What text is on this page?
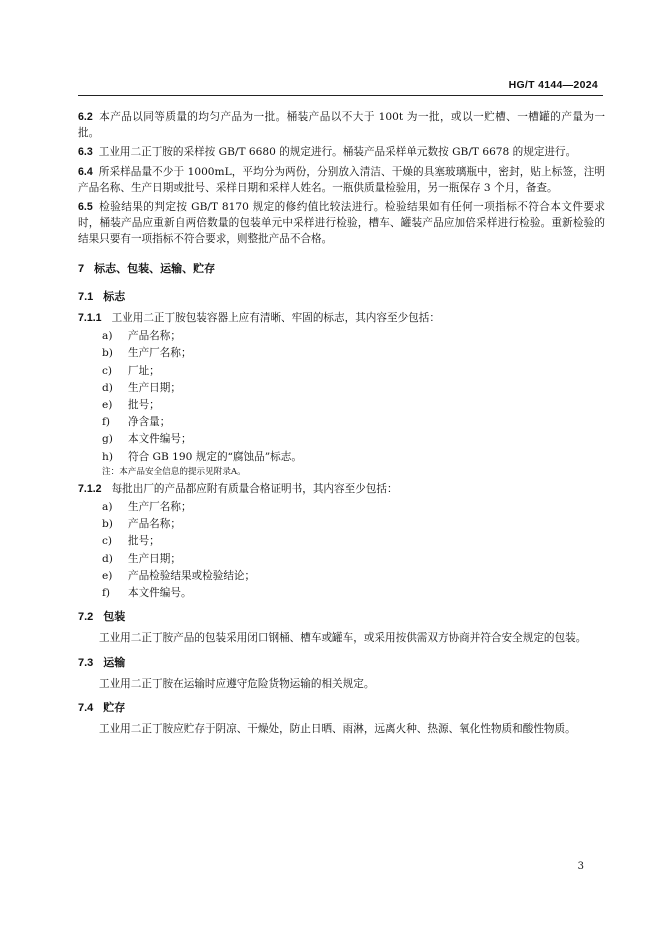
HG/T 4144—2024

6.2 本产品以同等质量的均匀产品为一批。桶装产品以不大于 100t 为一批，或以一贮槽、一槽罐的产量为一批。

6.3 工业用二正丁胺的采样按 GB/T 6680 的规定进行。桶装产品采样单元数按 GB/T 6678 的规定进行。

6.4 所采样品量不少于 1000mL，平均分为两份，分别放入清洁、干燥的具塞玻璃瓶中，密封，贴上标签，注明产品名称、生产日期或批号、采样日期和采样人姓名。一瓶供质量检验用，另一瓶保存 3 个月，备查。

6.5 检验结果的判定按 GB/T 8170 规定的修约值比较法进行。检验结果如有任何一项指标不符合本文件要求时，桶装产品应重新自两倍数量的包装单元中采样进行检验，槽车、罐装产品应加倍采样进行检验。重新检验的结果只要有一项指标不符合要求，则整批产品不合格。

7 标志、包装、运输、贮存
7.1 标志

7.1.1 工业用二正丁胺包装容器上应有清晰、牢固的标志，其内容至少包括：

a) 产品名称；
b) 生产厂名称；
c) 厂址；
d) 生产日期；
e) 批号；
f) 净含量；
g) 本文件编号；
h) 符合 GB 190 规定的“腐蚀品”标志。
注：本产品安全信息的提示见附录A。

7.1.2 每批出厂的产品都应附有质量合格证明书，其内容至少包括：

a) 生产厂名称；
b) 产品名称；
c) 批号；
d) 生产日期；
e) 产品检验结果或检验结论；
f) 本文件编号。
7.2 包装

工业用二正丁胺产品的包装采用闭口钢桶、槽车或罐车，或采用按供需双方协商并符合安全规定的包装。

7.3 运输

工业用二正丁胺在运输时应遵守危险货物运输的相关规定。

7.4 贮存

工业用二正丁胺应贮存于阴凉、干燥处，防止日晒、雨淋，远离火种、热源、氧化性物质和酸性物质。

3
